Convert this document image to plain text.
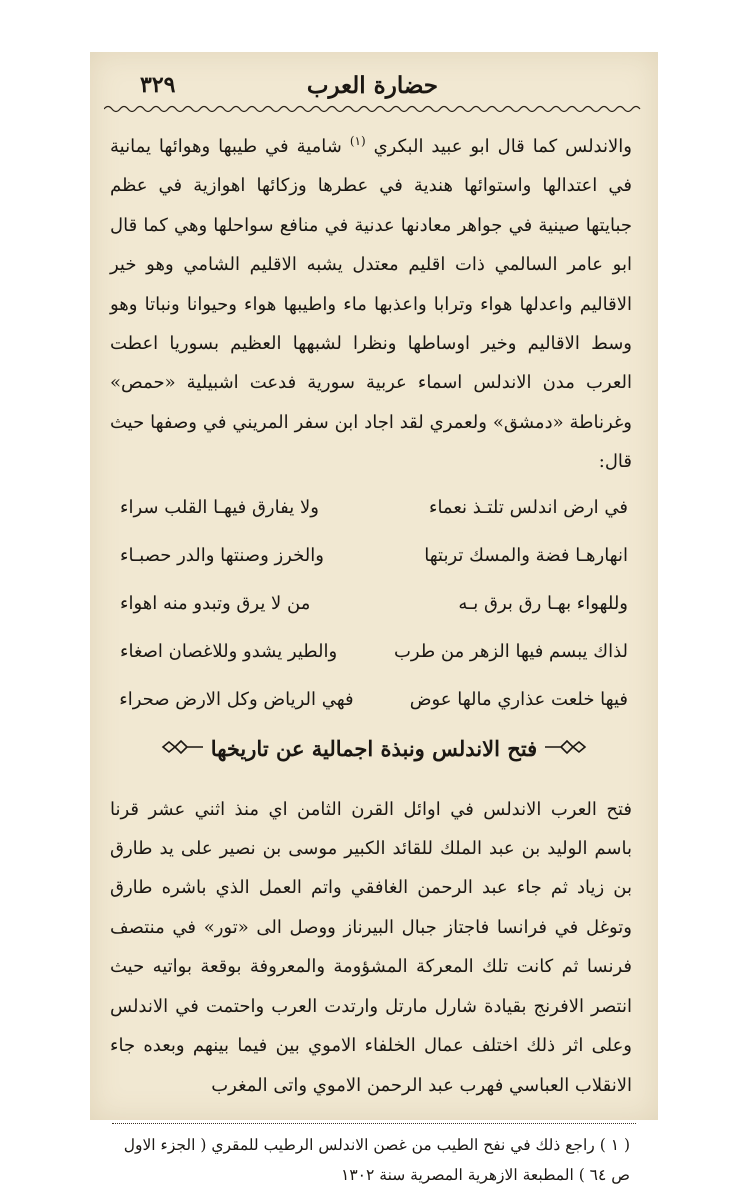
حضارة العرب
٣٢٩

والاندلس كما قال ابو عبيد البكري $^{(١)}$ شامية في طيبها وهوائها يمانية في اعتدالها واستوائها هندية في عطرها وزكائها اهوازية في عظم جبايتها صينية في جواهر معادنها عدنية في منافع سواحلها وهي كما قال ابو عامر السالمي ذات اقليم معتدل يشبه الاقليم الشامي وهو خير الاقاليم واعدلها هواء وترابا واعذبها ماء واطيبها هواء وحيوانا ونباتا وهو وسط الاقاليم وخير اوساطها ونظرا لشبهها العظيم بسوريا اعطت العرب مدن الاندلس اسماء عربية سورية فدعت اشبيلية «حمص» وغرناطة «دمشق» ولعمري لقد اجاد ابن سفر المريني في وصفها حيث قال:

في ارض اندلس تلتـذ نعماء
ولا يفارق فيهـا القلب سراء
انهارهـا فضة والمسك تربتها
والخرز وصنتها والدر حصبـاء
وللهواء بهـا رق برق بـه
من لا يرق وتبدو منه اهواء
لذاك يبسم فيها الزهر من طرب
والطير يشدو وللاغصان اصغاء
فيها خلعت عذاري مالها عوض
فهي الرياض وكل الارض صحراء
فتح الاندلس ونبذة اجمالية عن تاريخها

فتح العرب الاندلس في اوائل القرن الثامن اي منذ اثني عشر قرنا باسم الوليد بن عبد الملك للقائد الكبير موسى بن نصير على يد طارق بن زياد ثم جاء عبد الرحمن الغافقي واتم العمل الذي باشره طارق وتوغل في فرانسا فاجتاز جبال البيرناز ووصل الى «تور» في منتصف فرنسا ثم كانت تلك المعركة المشؤومة والمعروفة بوقعة بواتيه حيث انتصر الافرنج بقيادة شارل مارتل وارتدت العرب واحتمت في الاندلس وعلى اثر ذلك اختلف عمال الخلفاء الاموي بين فيما بينهم وبعده جاء الانقلاب العباسي فهرب عبد الرحمن الاموي واتى المغرب

( ١ ) راجع ذلك في نفح الطيب من غصن الاندلس الرطيب للمقري ( الجزء الاول

ص ٦٤ ) المطبعة الازهرية المصرية سنة ١٣٠٢
